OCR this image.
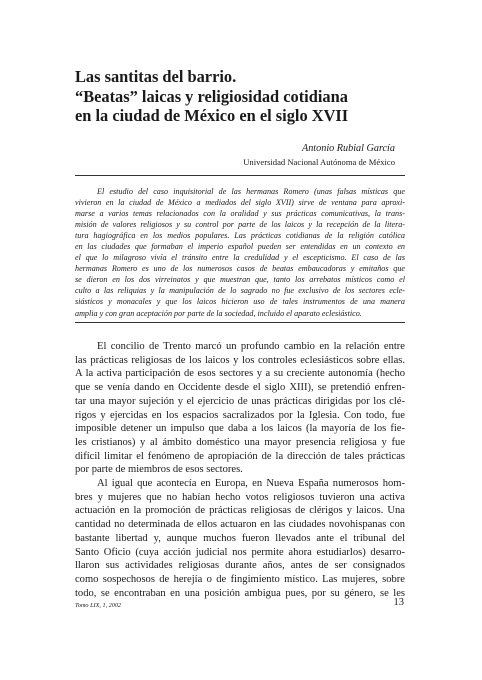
Las santitas del barrio.
“Beatas” laicas y religiosidad cotidiana
en la ciudad de México en el siglo XVII
Antonio Rubial García
Universidad Nacional Autónoma de México
El estudio del caso inquisitorial de las hermanas Romero (unas falsas místicas que
vivieron en la ciudad de México a mediados del siglo XVII) sirve de ventana para aproxi-
marse a varios temas relacionados con la oralidad y sus prácticas comunicativas, la trans-
misión de valores religiosos y su control por parte de los laicos y la recepción de la litera-
tura hagiográfica en los medios populares. Las prácticas cotidianas de la religión católica
en las ciudades que formaban el imperio español pueden ser entendidas en un contexto en
el que lo milagroso vivía el tránsito entre la credulidad y el escepticismo. El caso de las
hermanas Romero es uno de los numerosos casos de beatas embaucadoras y emitaños que
se dieron en los dos virreinatos y que muestran que, tanto los arrebatos místicos como el
culto a las reliquias y la manipulación de lo sagrado no fue exclusivo de los sectores ecle-
siásticos y monacales y que los laicos hicieron uso de tales instrumentos de una manera
amplia y con gran aceptación por parte de la sociedad, incluido el aparato eclesiástico.
El concilio de Trento marcó un profundo cambio en la relación entre
las prácticas religiosas de los laicos y los controles eclesiásticos sobre ellas.
A la activa participación de esos sectores y a su creciente autonomía (hecho
que se venía dando en Occidente desde el siglo XIII), se pretendió enfren-
tar una mayor sujeción y el ejercicio de unas prácticas dirigidas por los clé-
rigos y ejercidas en los espacios sacralizados por la Iglesia. Con todo, fue
imposible detener un impulso que daba a los laicos (la mayoría de los fie-
les cristianos) y al ámbito doméstico una mayor presencia religiosa y fue
difícil limitar el fenómeno de apropiación de la dirección de tales prácticas
por parte de miembros de esos sectores.
Al igual que acontecía en Europa, en Nueva España numerosos hom-
bres y mujeres que no habían hecho votos religiosos tuvieron una activa
actuación en la promoción de prácticas religiosas de clérigos y laicos. Una
cantidad no determinada de ellos actuaron en las ciudades novohispanas con
bastante libertad y, aunque muchos fueron llevados ante el tribunal del
Santo Oficio (cuya acción judicial nos permite ahora estudiarlos) desarro-
llaron sus actividades religiosas durante años, antes de ser consignados
como sospechosos de herejía o de fingimiento místico. Las mujeres, sobre
todo, se encontraban en una posición ambigua pues, por su género, se les
Tomo LIX, 1, 2002	13
